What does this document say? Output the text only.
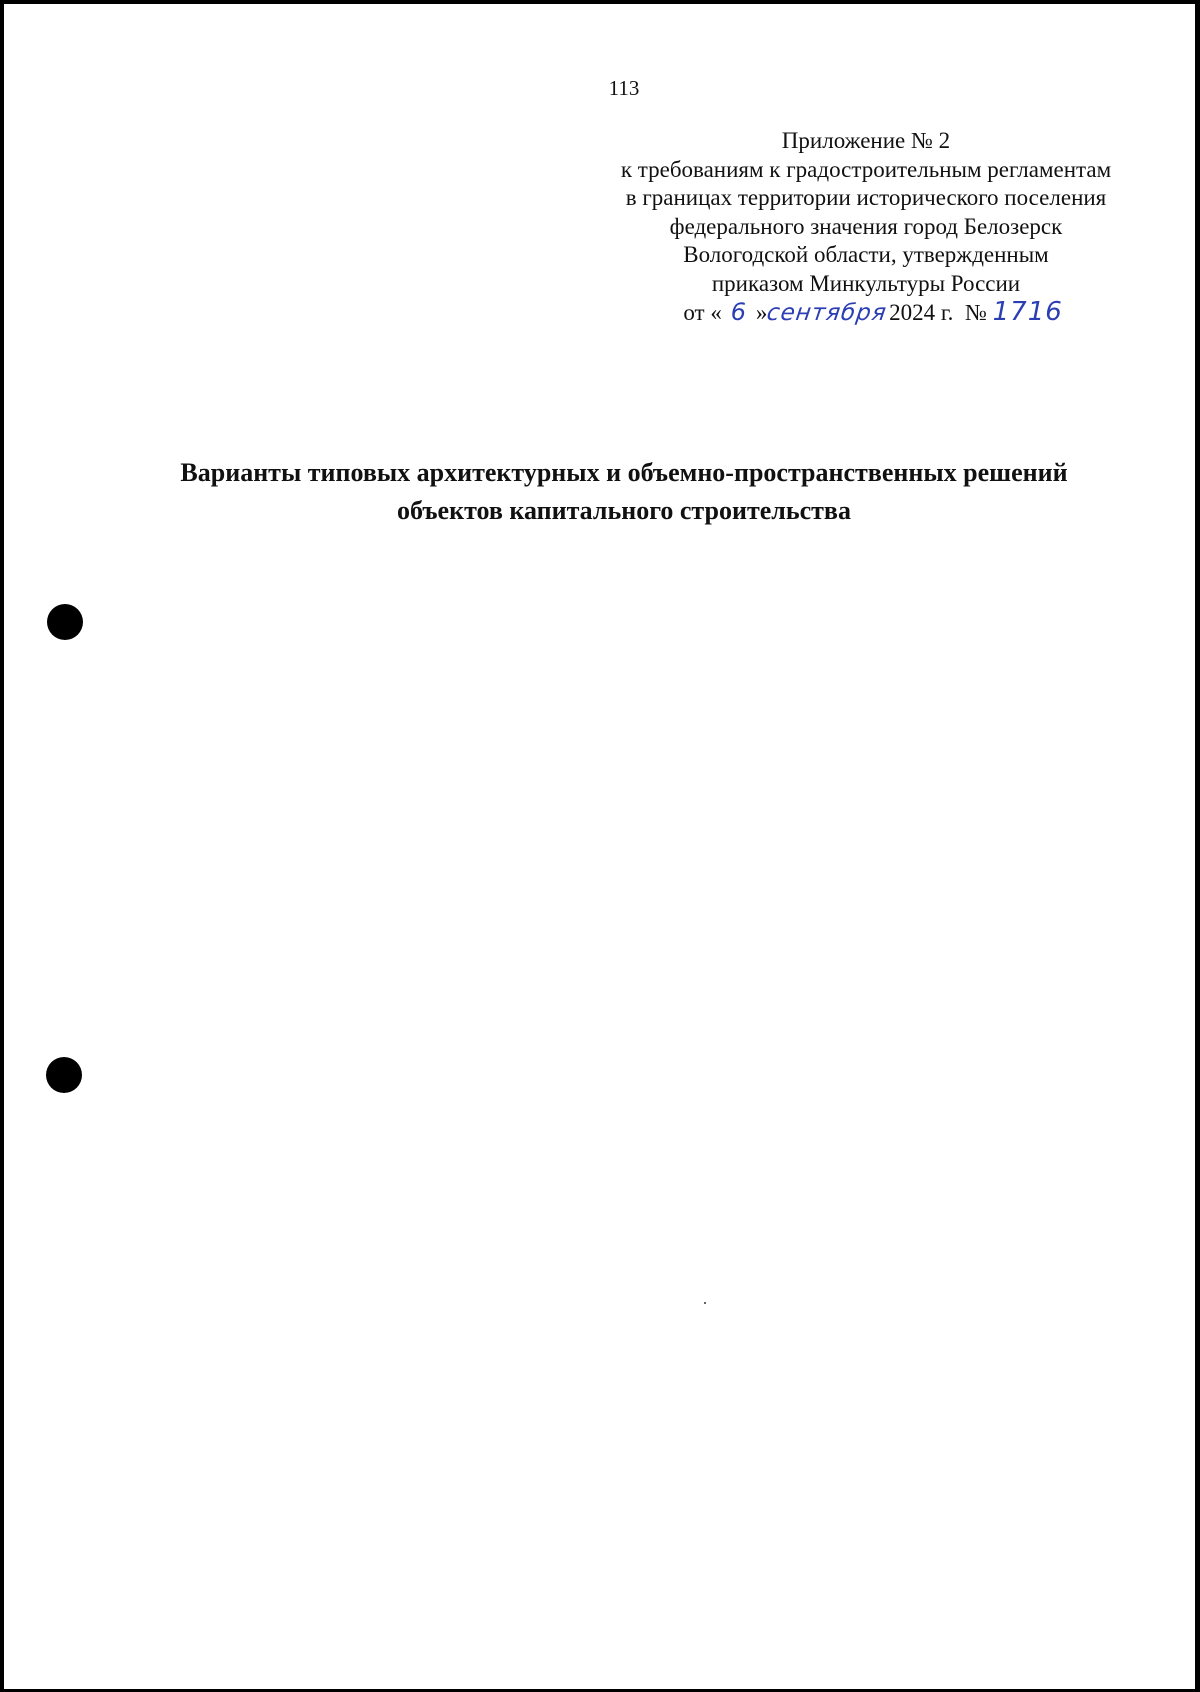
113
Приложение № 2
к требованиям к градостроительным регламентам
в границах территории исторического поселения
федерального значения город Белозерск
Вологодской области, утвержденным
приказом Минкультуры России
от « 6 »сентября 2024 г. № 1716
Варианты типовых архитектурных и объемно-пространственных решений
объектов капитального строительства
